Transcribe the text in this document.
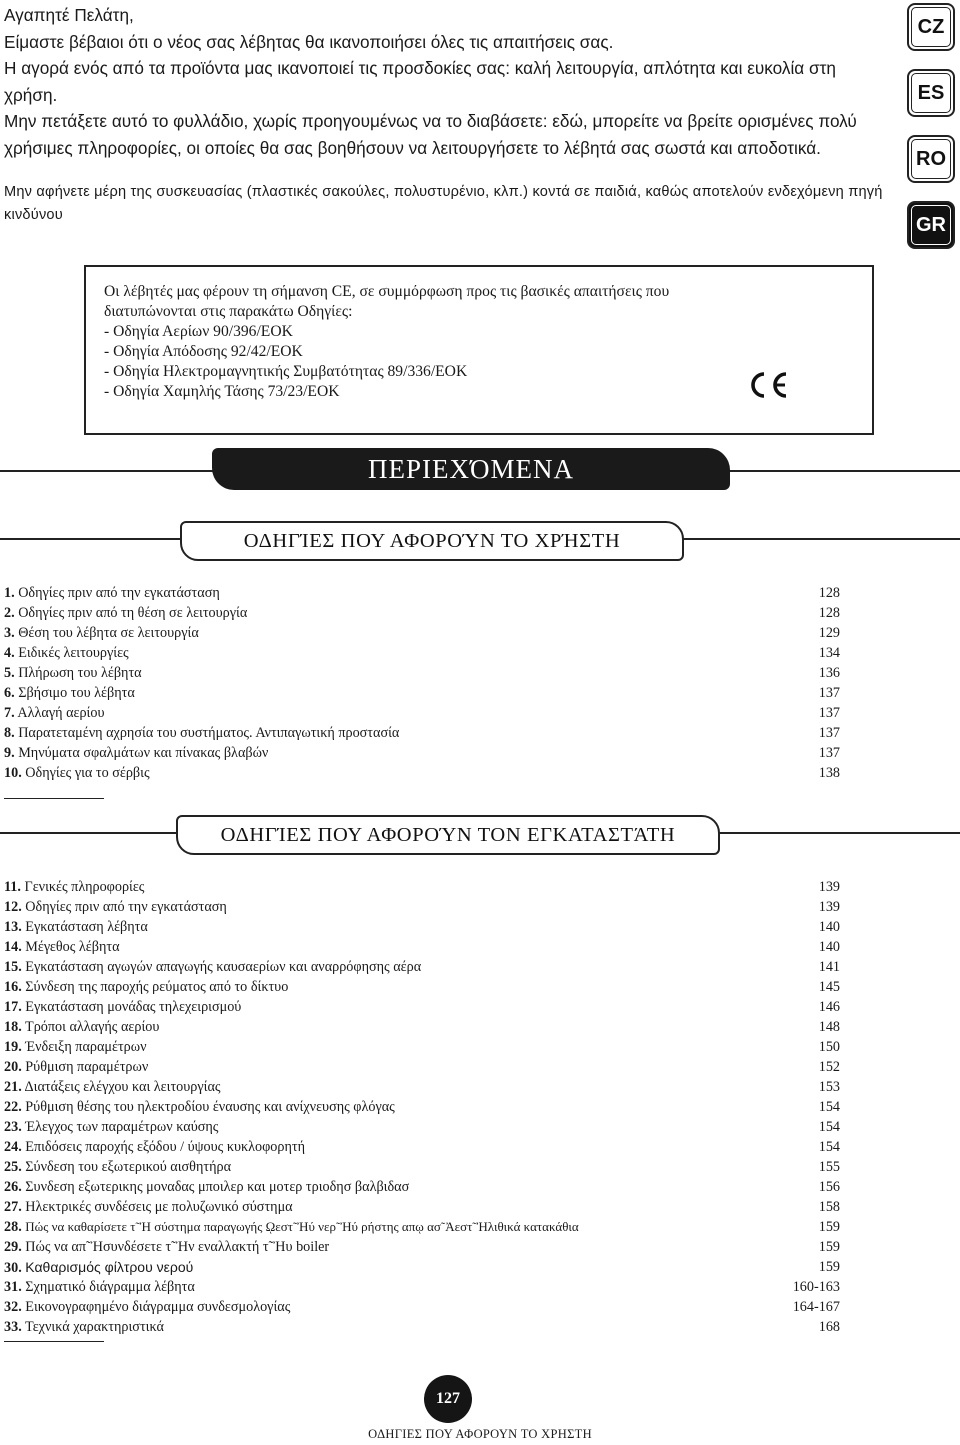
Αγαπητέ Πελάτη,

Είμαστε βέβαιοι ότι ο νέος σας λέβητας θα ικανοποιήσει όλες τις απαιτήσεις σας.

Η αγορά ενός από τα προϊόντα μας ικανοποιεί τις προσδοκίες σας: καλή λειτουργία, απλότητα και ευκολία στη χρήση.

Μην πετάξετε αυτό το φυλλάδιο, χωρίς προηγουμένως να το διαβάσετε: εδώ, μπορείτε να βρείτε ορισμένες πολύ χρήσιμες πληροφορίες, οι οποίες θα σας βοηθήσουν να λειτουργήσετε το λέβητά σας σωστά και αποδοτικά.

Μην αφήνετε μέρη της συσκευασίας (πλαστικές σακούλες, πολυστυρένιο, κλπ.) κοντά σε παιδιά, καθώς αποτελούν ενδεχόμενη πηγή κινδύνου

CZ
ES
RO
GR

Οι λέβητές μας φέρουν τη σήμανση CE, σε συμμόρφωση προς τις βασικές απαιτήσεις που

διατυπώνονται στις παρακάτω Οδηγίες:

- Οδηγία Αερίων 90/396/ΕΟΚ

- Οδηγία Απόδοσης 92/42/ΕΟΚ

- Οδηγία Ηλεκτρομαγνητικής Συμβατότητας 89/336/ΕΟΚ

- Οδηγία Χαμηλής Τάσης 73/23/ΕΟΚ

ΠΕΡΙΕΧΌΜΕΝΑ
ΟΔΗΓΊΕΣ ΠΟΥ ΑΦΟΡΟΎΝ ΤΟ ΧΡΉΣΤΗ
1. Οδηγίες πριν από την εγκατάσταση	128
2. Οδηγίες πριν από τη θέση σε λειτουργία	128
3. Θέση του λέβητα σε λειτουργία	129
4. Ειδικές λειτουργίες	134
5. Πλήρωση του λέβητα	136
6. Σβήσιμο του λέβητα	137
7. Αλλαγή αερίου	137
8. Παρατεταμένη αχρησία του συστήματος. Αντιπαγωτική προστασία	137
9. Μηνύματα σφαλμάτων και πίνακας βλαβών	137
10. Οδηγίες για το σέρβις	138
ΟΔΗΓΊΕΣ ΠΟΥ ΑΦΟΡΟΎΝ ΤΟΝ ΕΓΚΑΤΑΣΤΆΤΗ
11. Γενικές πληροφορίες	139
12. Οδηγίες πριν από την εγκατάσταση	139
13. Εγκατάσταση λέβητα	140
14. Μέγεθος λέβητα	140
15. Εγκατάσταση αγωγών απαγωγής καυσαερίων και αναρρόφησης αέρα	141
16. Σύνδεση της παροχής ρεύματος από το δίκτυο	145
17. Εγκατάσταση μονάδας τηλεχειρισμού	146
18. Τρόποι αλλαγής αερίου	148
19. Ένδειξη παραμέτρων	150
20. Ρύθμιση παραμέτρων	152
21. Διατάξεις ελέγχου και λειτουργίας	153
22. Ρύθμιση θέσης του ηλεκτροδίου έναυσης και ανίχνευσης φλόγας	154
23. Έλεγχος των παραμέτρων καύσης	154
24. Επιδόσεις παροχής εξόδου / ύψους κυκλοφορητή	154
25. Σύνδεση του εξωτερικού αισθητήρα	155
26. Συνδεση εξωτερικης μοναδας μποιλερ και μοτερ τριοδησ βαλβιδασ	156
27. Ηλεκτρικές συνδέσεις με πολυζωνικό σύστημα	158
28. Πώς να καθαρίσετε τ῀Ἠ σύστημα παραγωγής ῼεστ῀Ἠύ νερ῀Ἠύ ρήστης απῳ ασ῀Ἀεστ῀Ἠλιθικά κατακάθια	159
29. Πώς να απ῀Ἠσυνδέσετε τ῀Ἠν εναλλακτή τ῀Ἠυ boiler	159
30. Καθαρισμός φίλτρου νερού	159
31. Σχηματικό διάγραμμα λέβητα	160-163
32. Εικονογραφημένο διάγραμμα συνδεσμολογίας	164-167
33. Τεχνικά χαρακτηριστικά	168
127
ΟΔΗΓΙΕΣ ΠΟΥ ΑΦΟΡΟΥΝ ΤΟ ΧΡΗΣΤΗ
